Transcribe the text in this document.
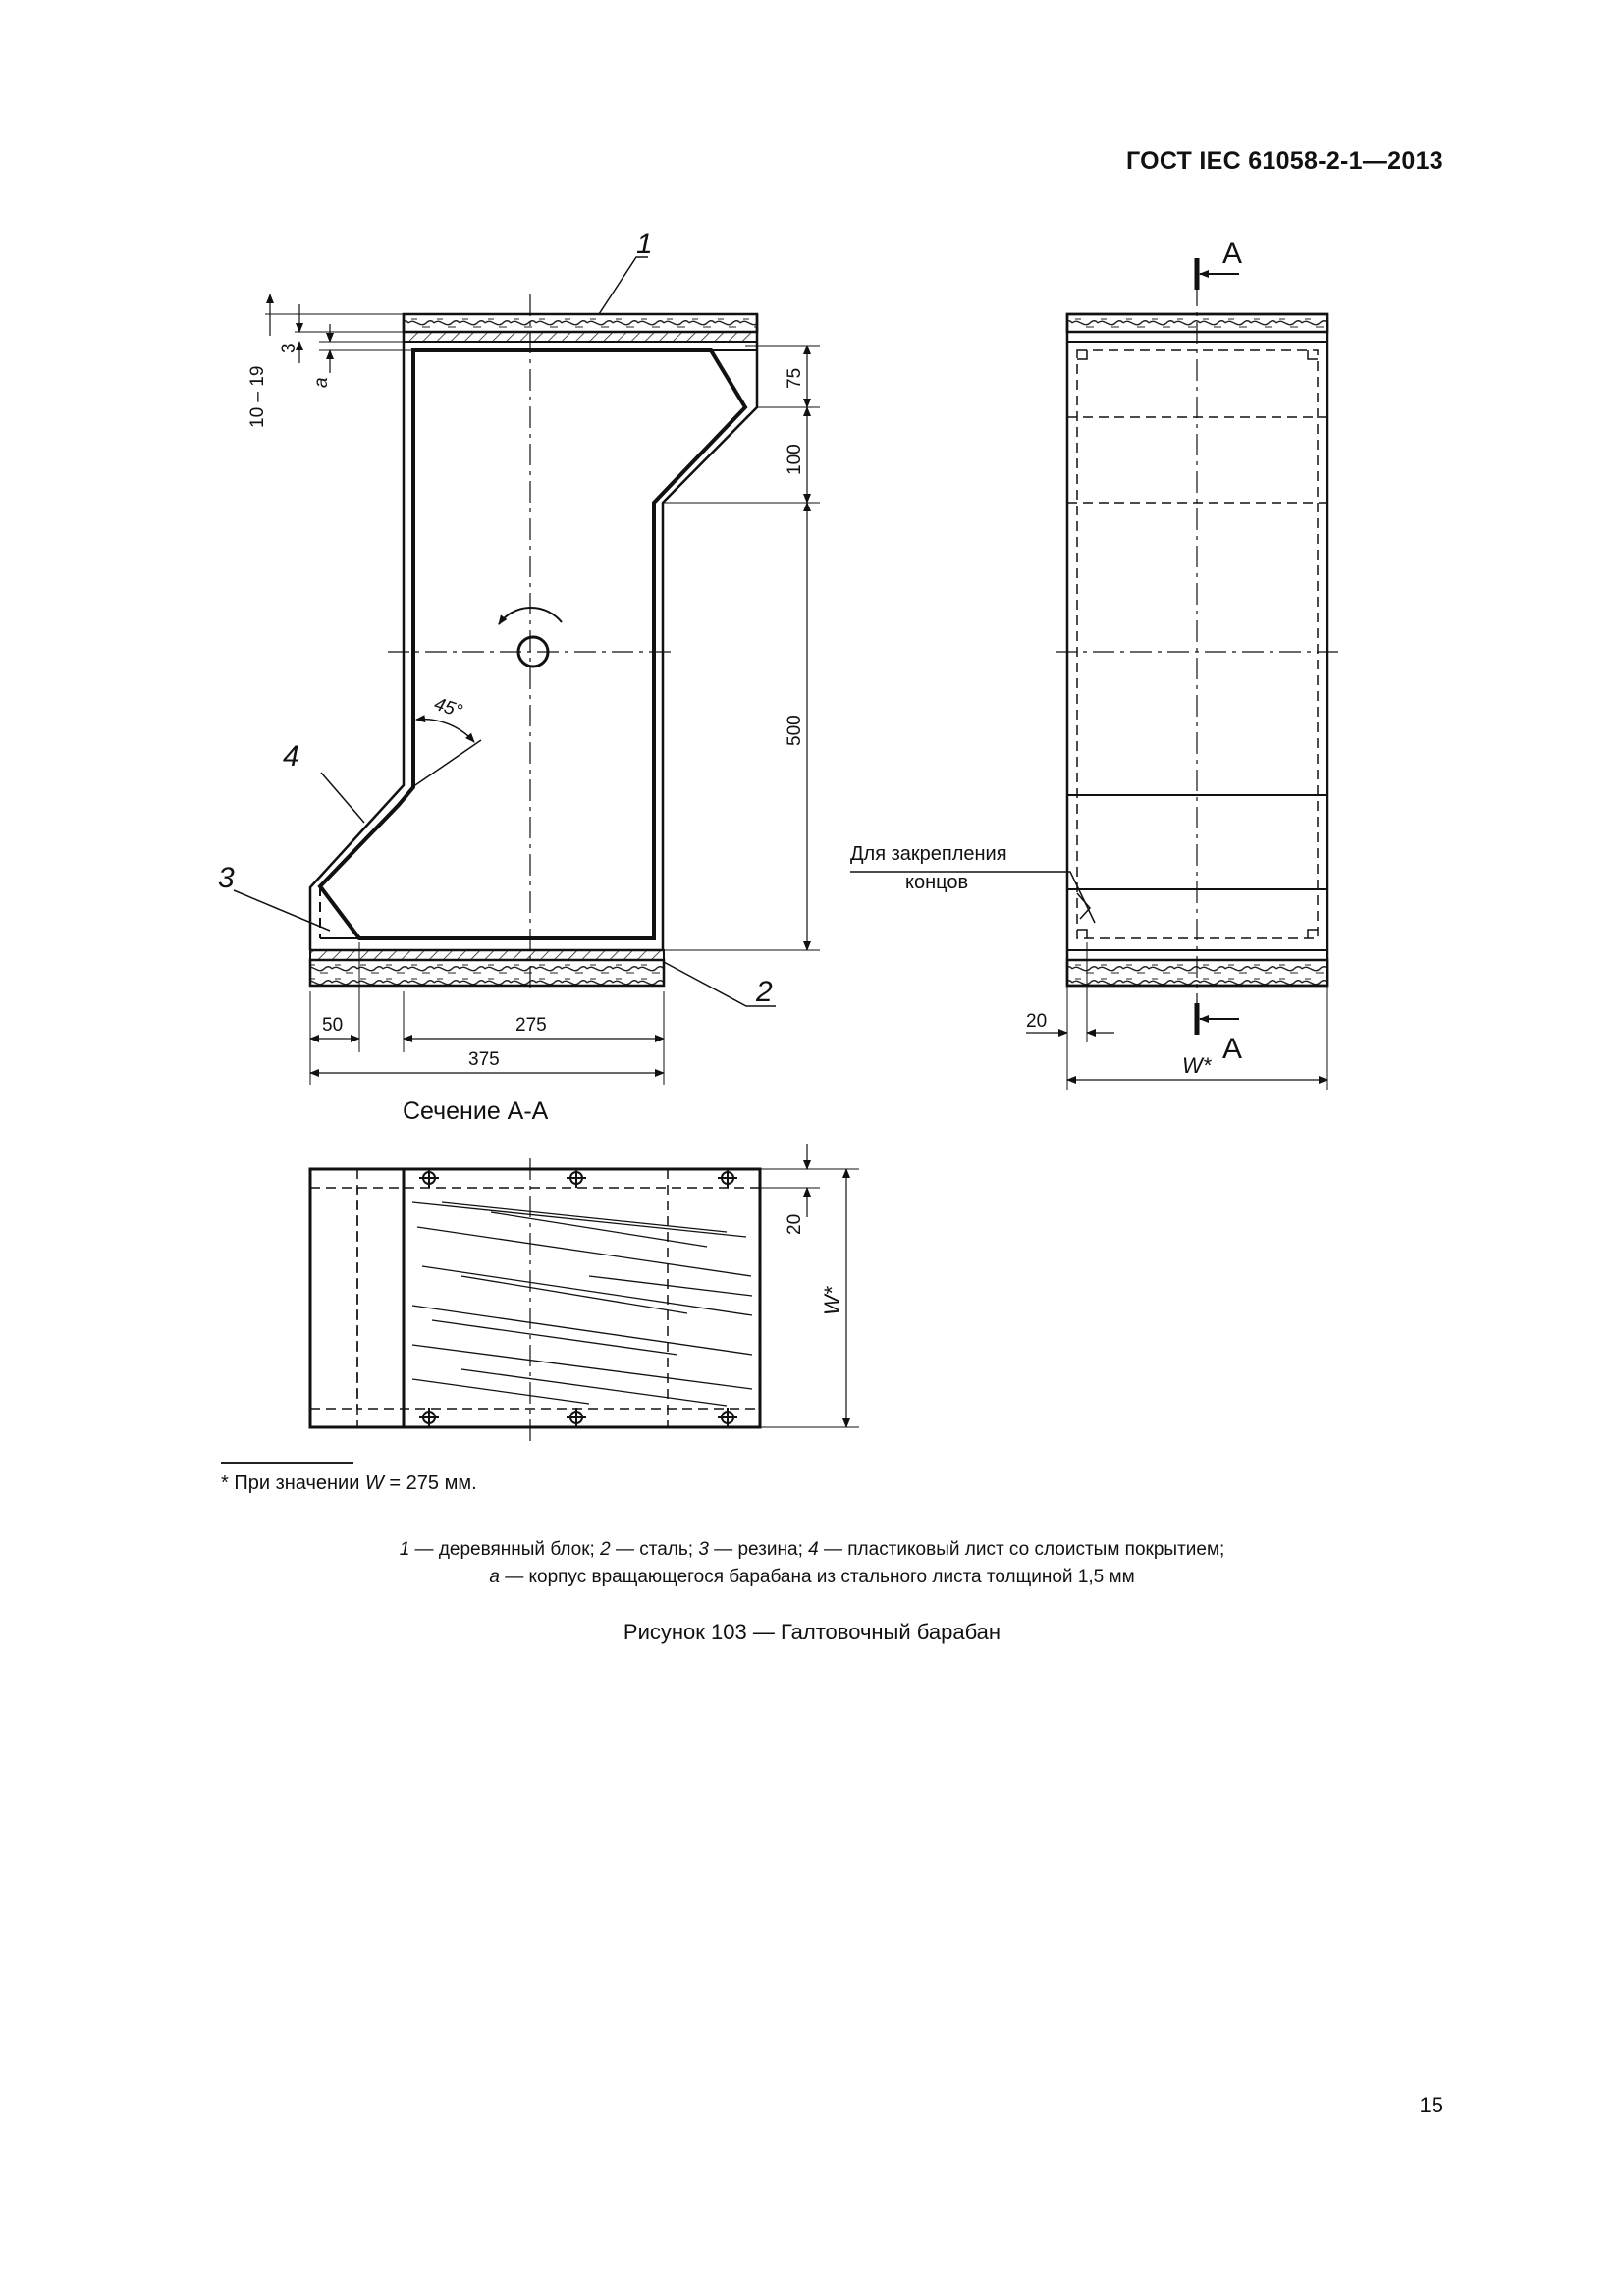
ГОСТ IEC 61058-2-1—2013
1
4
3
2
10 – 19
3
a	75
100
500
50	275
375
45°
A
A
Для закрепления
концов
20
W*
Сечение А-А
20
W*
* При значении W = 275 мм.
1 — деревянный блок; 2 — сталь; 3 — резина; 4 — пластиковый лист со слоистым покрытием;
а — корпус вращающегося барабана из стального листа толщиной 1,5 мм
Рисунок 103 — Галтовочный барабан
15
